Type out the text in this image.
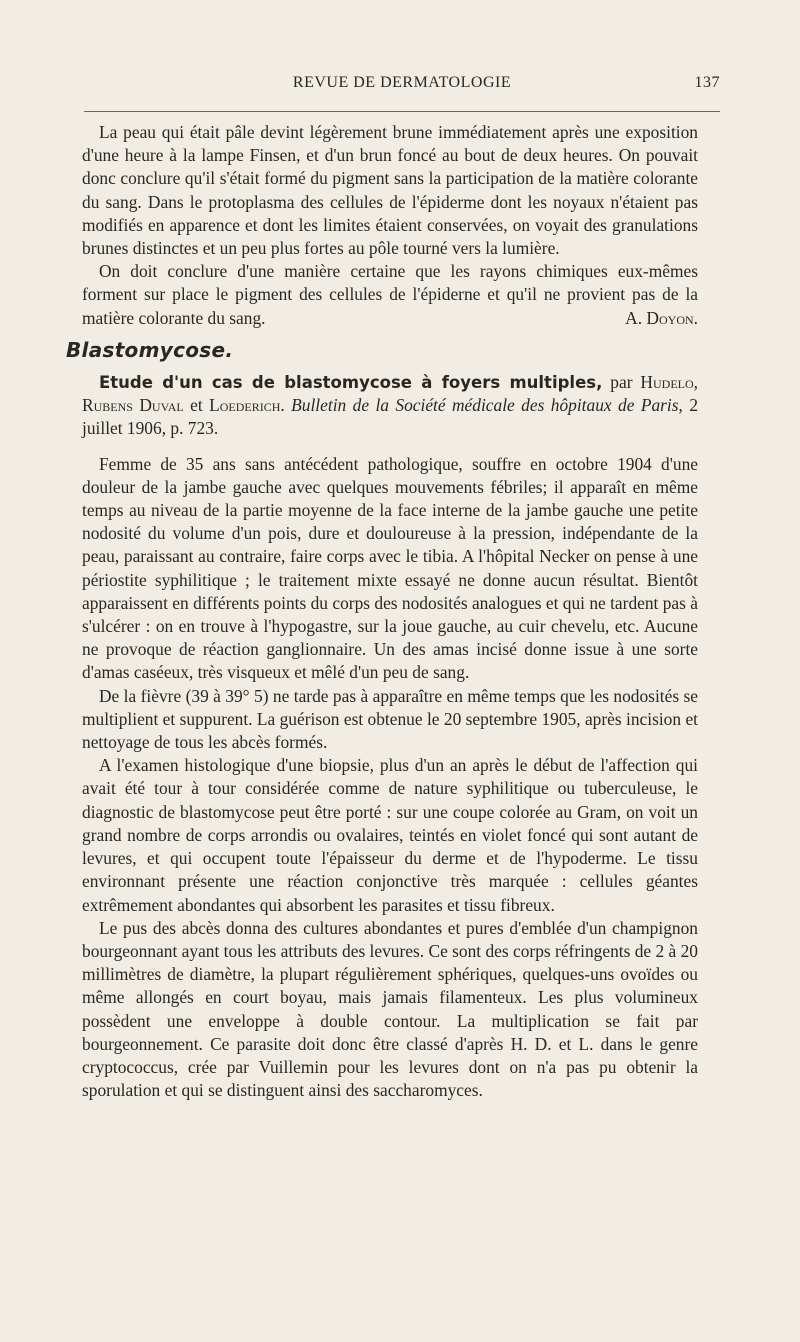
REVUE DE DERMATOLOGIE	137

La peau qui était pâle devint légèrement brune immédiatement après une exposition d'une heure à la lampe Finsen, et d'un brun foncé au bout de deux heures. On pouvait donc conclure qu'il s'était formé du pigment sans la participation de la matière colorante du sang. Dans le protoplasma des cellules de l'épiderme dont les noyaux n'étaient pas modifiés en apparence et dont les limites étaient conservées, on voyait des granulations brunes distinctes et un peu plus fortes au pôle tourné vers la lumière.

On doit conclure d'une manière certaine que les rayons chimiques eux-mêmes forment sur place le pigment des cellules de l'épiderne et qu'il ne provient pas de la matière colorante du sang.	A. Doyon.

Blastomycose.

Etude d'un cas de blastomycose à foyers multiples, par Hudelo, Rubens Duval et Loederich. Bulletin de la Société médicale des hôpitaux de Paris, 2 juillet 1906, p. 723.

Femme de 35 ans sans antécédent pathologique, souffre en octobre 1904 d'une douleur de la jambe gauche avec quelques mouvements fébriles; il apparaît en même temps au niveau de la partie moyenne de la face interne de la jambe gauche une petite nodosité du volume d'un pois, dure et douloureuse à la pression, indépendante de la peau, paraissant au contraire, faire corps avec le tibia. A l'hôpital Necker on pense à une périostite syphilitique ; le traitement mixte essayé ne donne aucun résultat. Bientôt apparaissent en différents points du corps des nodosités analogues et qui ne tardent pas à s'ulcérer : on en trouve à l'hypogastre, sur la joue gauche, au cuir chevelu, etc. Aucune ne provoque de réaction ganglionnaire. Un des amas incisé donne issue à une sorte d'amas caséeux, très visqueux et mêlé d'un peu de sang.

De la fièvre (39 à 39° 5) ne tarde pas à apparaître en même temps que les nodosités se multiplient et suppurent. La guérison est obtenue le 20 septembre 1905, après incision et nettoyage de tous les abcès formés.

A l'examen histologique d'une biopsie, plus d'un an après le début de l'affection qui avait été tour à tour considérée comme de nature syphilitique ou tuberculeuse, le diagnostic de blastomycose peut être porté : sur une coupe colorée au Gram, on voit un grand nombre de corps arrondis ou ovalaires, teintés en violet foncé qui sont autant de levures, et qui occupent toute l'épaisseur du derme et de l'hypoderme. Le tissu environnant présente une réaction conjonctive très marquée : cellules géantes extrêmement abondantes qui absorbent les parasites et tissu fibreux.

Le pus des abcès donna des cultures abondantes et pures d'emblée d'un champignon bourgeonnant ayant tous les attributs des levures. Ce sont des corps réfringents de 2 à 20 millimètres de diamètre, la plupart régulièrement sphériques, quelques-uns ovoïdes ou même allongés en court boyau, mais jamais filamenteux. Les plus volumineux possèdent une enveloppe à double contour. La multiplication se fait par bourgeonnement. Ce parasite doit donc être classé d'après H. D. et L. dans le genre cryptococcus, crée par Vuillemin pour les levures dont on n'a pas pu obtenir la sporulation et qui se distinguent ainsi des saccharomyces.
